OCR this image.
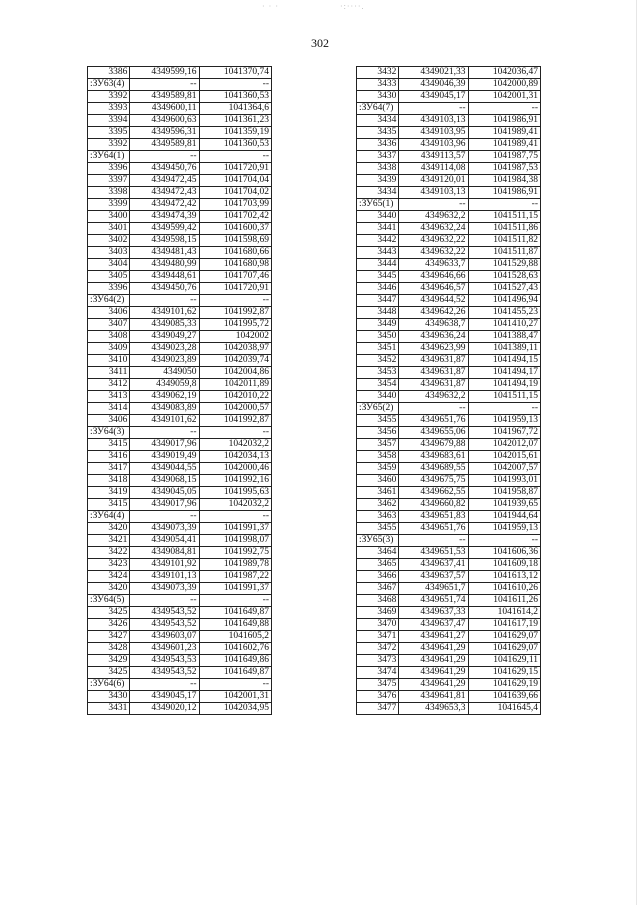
· · ·	·:····.
302
3386	4349599,16	1041370,74
:ЗУ63(4)	--	--
3392	4349589,81	1041360,53
3393	4349600,11	1041364,6
3394	4349600,63	1041361,23
3395	4349596,31	1041359,19
3392	4349589,81	1041360,53
:ЗУ64(1)	--	--
3396	4349450,76	1041720,91
3397	4349472,45	1041704,04
3398	4349472,43	1041704,02
3399	4349472,42	1041703,99
3400	4349474,39	1041702,42
3401	4349599,42	1041600,37
3402	4349598,15	1041598,69
3403	4349481,43	1041680,66
3404	4349480,99	1041680,98
3405	4349448,61	1041707,46
3396	4349450,76	1041720,91
:ЗУ64(2)	--	--
3406	4349101,62	1041992,87
3407	4349085,33	1041995,72
3408	4349049,27	1042002
3409	4349023,28	1042038,97
3410	4349023,89	1042039,74
3411	4349050	1042004,86
3412	4349059,8	1042011,89
3413	4349062,19	1042010,22
3414	4349083,89	1042000,57
3406	4349101,62	1041992,87
:ЗУ64(3)	--	--
3415	4349017,96	1042032,2
3416	4349019,49	1042034,13
3417	4349044,55	1042000,46
3418	4349068,15	1041992,16
3419	4349045,05	1041995,63
3415	4349017,96	1042032,2
:ЗУ64(4)	--	--
3420	4349073,39	1041991,37
3421	4349054,41	1041998,07
3422	4349084,81	1041992,75
3423	4349101,92	1041989,78
3424	4349101,13	1041987,22
3420	4349073,39	1041991,37
:ЗУ64(5)	--	--
3425	4349543,52	1041649,87
3426	4349543,52	1041649,88
3427	4349603,07	1041605,2
3428	4349601,23	1041602,76
3429	4349543,53	1041649,86
3425	4349543,52	1041649,87
:ЗУ64(6)	--	--
3430	4349045,17	1042001,31
3431	4349020,12	1042034,95
3432	4349021,33	1042036,47
3433	4349046,39	1042000,89
3430	4349045,17	1042001,31
:ЗУ64(7)	--	--
3434	4349103,13	1041986,91
3435	4349103,95	1041989,41
3436	4349103,96	1041989,41
3437	4349113,57	1041987,75
3438	4349114,08	1041987,53
3439	4349120,01	1041984,38
3434	4349103,13	1041986,91
:ЗУ65(1)	--	--
3440	4349632,2	1041511,15
3441	4349632,24	1041511,86
3442	4349632,22	1041511,82
3443	4349632,22	1041511,87
3444	4349633,7	1041529,88
3445	4349646,66	1041528,63
3446	4349646,57	1041527,43
3447	4349644,52	1041496,94
3448	4349642,26	1041455,23
3449	4349638,7	1041410,27
3450	4349636,24	1041388,47
3451	4349623,99	1041389,11
3452	4349631,87	1041494,15
3453	4349631,87	1041494,17
3454	4349631,87	1041494,19
3440	4349632,2	1041511,15
:ЗУ65(2)	--	--
3455	4349651,76	1041959,13
3456	4349655,06	1041967,72
3457	4349679,88	1042012,07
3458	4349683,61	1042015,61
3459	4349689,55	1042007,57
3460	4349675,75	1041993,01
3461	4349662,55	1041958,87
3462	4349660,82	1041939,65
3463	4349651,83	1041944,64
3455	4349651,76	1041959,13
:ЗУ65(3)	--	--
3464	4349651,53	1041606,36
3465	4349637,41	1041609,18
3466	4349637,57	1041613,12
3467	4349651,7	1041610,26
3468	4349651,74	1041611,26
3469	4349637,33	1041614,2
3470	4349637,47	1041617,19
3471	4349641,27	1041629,07
3472	4349641,29	1041629,07
3473	4349641,29	1041629,11
3474	4349641,29	1041629,15
3475	4349641,29	1041629,19
3476	4349641,81	1041639,66
3477	4349653,3	1041645,4
